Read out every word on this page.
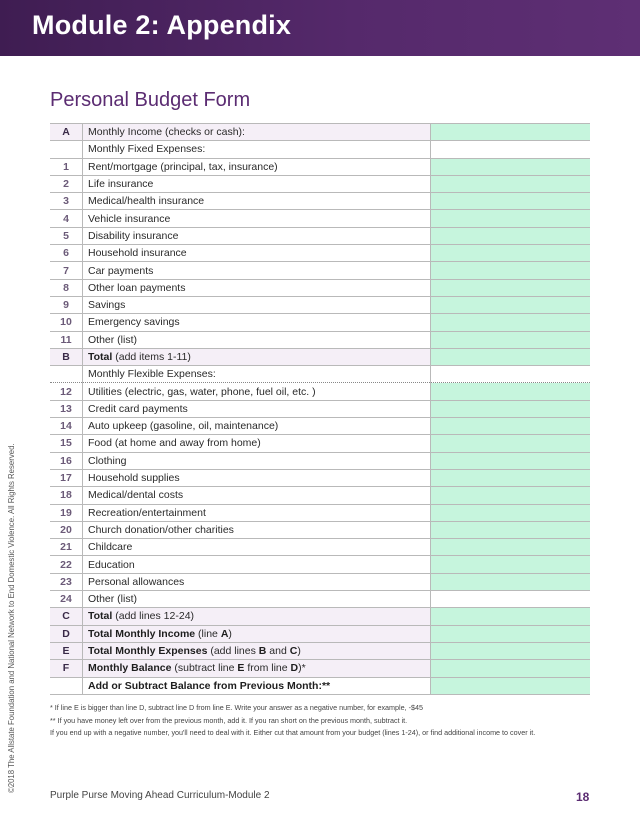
Module 2: Appendix
Personal Budget Form
A	Monthly Income (checks or cash):	
	Monthly Fixed Expenses:	
1	Rent/mortgage (principal, tax, insurance)	
2	Life insurance	
3	Medical/health insurance	
4	Vehicle insurance	
5	Disability insurance	
6	Household insurance	
7	Car payments	
8	Other loan payments	
9	Savings	
10	Emergency savings	
11	Other (list)	
B	Total (add items 1-11)	
	Monthly Flexible Expenses:	
12	Utilities (electric, gas, water, phone, fuel oil, etc. )	
13	Credit card payments	
14	Auto upkeep (gasoline, oil, maintenance)	
15	Food (at home and away from home)	
16	Clothing	
17	Household supplies	
18	Medical/dental costs	
19	Recreation/entertainment	
20	Church donation/other charities	
21	Childcare	
22	Education	
23	Personal allowances	
24	Other (list)	
C	Total (add lines 12-24)	
D	Total Monthly Income (line A)	
E	Total Monthly Expenses (add lines B and C)	
F	Monthly Balance (subtract line E from line D)*	
	Add or Subtract Balance from Previous Month:**	

* If line E is bigger than line D, subtract line D from line E. Write your answer as a negative number, for example, -$45

** If you have money left over from the previous month, add it. If you ran short on the previous month, subtract it.

If you end up with a negative number, you'll need to deal with it. Either cut that amount from your budget (lines 1-24), or find additional income to cover it.

©2018 The Allstate Foundation and National Network to End Domestic Violence. All Rights Reserved.
Purple Purse Moving Ahead Curriculum-Module 2	18
